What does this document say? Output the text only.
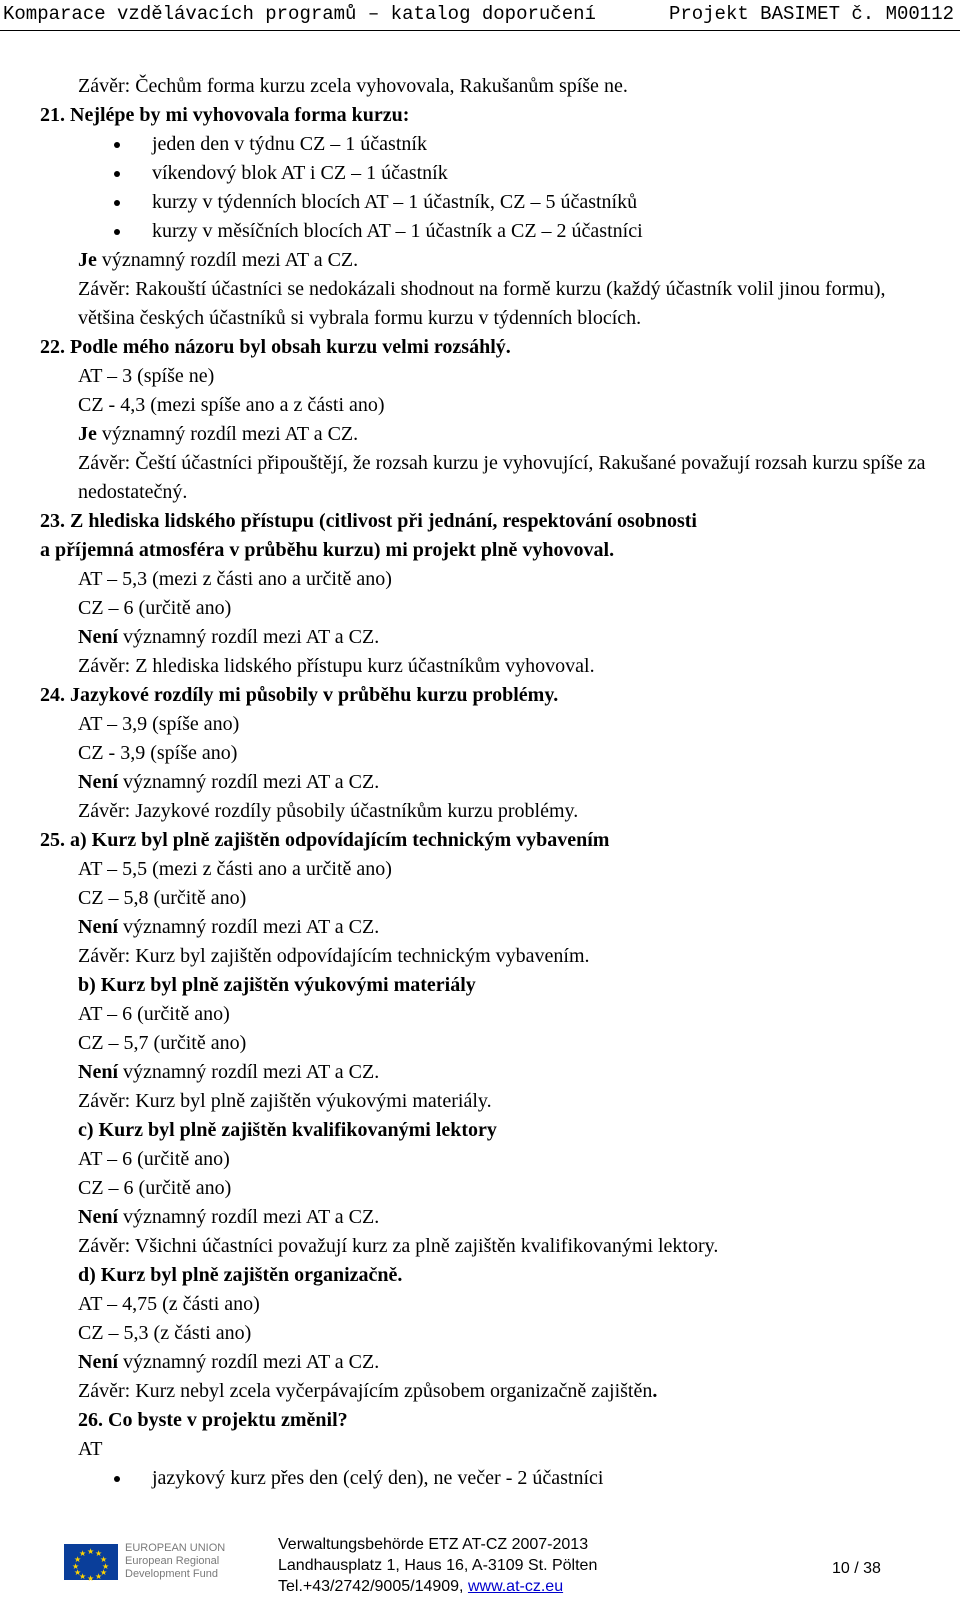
Komparace vzdělávacích programů – katalog doporučení	Projekt BASIMET č. M00112
Závěr: Čechům forma kurzu zcela vyhovovala, Rakušanům spíše ne.
21. Nejlépe by mi vyhovovala forma kurzu:
jeden den v týdnu CZ – 1 účastník
víkendový blok AT i CZ – 1 účastník
kurzy v týdenních blocích AT – 1 účastník, CZ – 5 účastníků
kurzy v měsíčních blocích AT – 1 účastník a CZ – 2 účastníci
Je významný rozdíl mezi AT a CZ.
Závěr: Rakouští účastníci se nedokázali shodnout na formě kurzu (každý účastník volil jinou formu), většina českých účastníků si vybrala formu kurzu v týdenních blocích.
22. Podle mého názoru byl obsah kurzu velmi rozsáhlý.
AT – 3 (spíše ne)
CZ - 4,3 (mezi spíše ano a z části ano)
Je významný rozdíl mezi AT a CZ.
Závěr: Čeští účastníci připouštějí, že rozsah kurzu je vyhovující, Rakušané považují rozsah kurzu spíše za nedostatečný.
23. Z hlediska lidského přístupu (citlivost při jednání, respektování osobnosti
a příjemná atmosféra v průběhu kurzu) mi projekt plně vyhovoval.
AT – 5,3 (mezi z části ano a určitě ano)
CZ – 6 (určitě ano)
Není významný rozdíl mezi AT a CZ.
Závěr: Z hlediska lidského přístupu kurz účastníkům vyhovoval.
24. Jazykové rozdíly mi působily v průběhu kurzu problémy.
AT – 3,9 (spíše ano)
CZ - 3,9 (spíše ano)
Není významný rozdíl mezi AT a CZ.
Závěr: Jazykové rozdíly působily účastníkům kurzu problémy.
25. a) Kurz byl plně zajištěn odpovídajícím technickým vybavením
AT – 5,5 (mezi z části ano a určitě ano)
CZ – 5,8 (určitě ano)
Není významný rozdíl mezi AT a CZ.
Závěr: Kurz byl zajištěn odpovídajícím technickým vybavením.
b) Kurz byl plně zajištěn výukovými materiály
AT – 6 (určitě ano)
CZ – 5,7 (určitě ano)
Není významný rozdíl mezi AT a CZ.
Závěr: Kurz byl plně zajištěn výukovými materiály.
c) Kurz byl plně zajištěn kvalifikovanými lektory
AT – 6 (určitě ano)
CZ – 6 (určitě ano)
Není významný rozdíl mezi AT a CZ.
Závěr: Všichni účastníci považují kurz za plně zajištěn kvalifikovanými lektory.
d) Kurz byl plně zajištěn organizačně.
AT – 4,75 (z části ano)
CZ – 5,3 (z části ano)
Není významný rozdíl mezi AT a CZ.
Závěr: Kurz nebyl zcela vyčerpávajícím způsobem organizačně zajištěn.
26. Co byste v projektu změnil?
AT
jazykový kurz přes den (celý den), ne večer - 2 účastníci
★ ★
★
★
★
★
★
★
★
★
★
★	EUROPEAN UNION
European Regional
Development Fund
Verwaltungsbehörde ETZ AT-CZ 2007-2013
Landhausplatz 1, Haus 16, A-3109 St. Pölten
Tel.+43/2742/9005/14909, www.at-cz.eu
10 / 38
